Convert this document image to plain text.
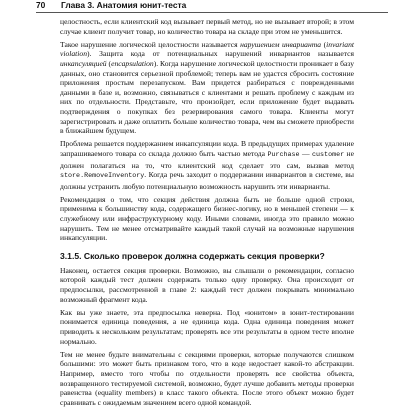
70 Глава 3. Анатомия юнит-теста

целостность, если клиентский код вызывает первый метод, но не вызывает второй; в этом случае клиент получит товар, но количество товара на складе при этом не уменьшится.

Такое нарушение логической целостности называется нарушением инварианта (invariant violation). Защита кода от потенциальных нарушений инвариантов называется инкапсуляцией (encapsulation). Когда нарушение логической целостности проникает в базу данных, оно становится серьезной проблемой; теперь вам не удастся сбросить состояние приложения простым перезапуском. Вам придется разбираться с поврежденными данными в базе и, возможно, связываться с клиентами и решать проблему с каждым из них по отдельности. Представьте, что произойдет, если приложение будет выдавать подтверждения о покупках без резервирования самого товара. Клиенты могут зарегистрировать и даже оплатить больше количество товара, чем вы сможете приобрести в ближайшем будущем.

Проблема решается поддержанием инкапсуляции кода. В предыдущих примерах удаление запрашиваемого товара со склада должно быть частью метода Purchase — customer не должен полагаться на то, что клиентский код сделает это сам, вызвав метод store.RemoveInventory. Когда речь заходит о поддержании инвариантов в системе, вы должны устранить любую потенциальную возможность нарушить эти инварианты.

Рекомендация о том, что секция действия должна быть не больше одной строки, применима к большинству кода, содержащего бизнес-логику, но в меньшей степени — к служебному или инфраструктурному коду. Иными словами, иногда это правило можно нарушить. Тем не менее отсматривайте каждый такой случай на возможные нарушения инкапсуляции.

3.1.5. Сколько проверок должна содержать секция проверки?

Наконец, остается секция проверки. Возможно, вы слышали о рекомендации, согласно которой каждый тест должен содержать только одну проверку. Она происходит от предпосылки, рассмотренной в главе 2: каждый тест должен покрывать минимально возможный фрагмент кода.

Как вы уже знаете, эта предпосылка неверна. Под «юнитом» в юнит-тестировании понимается единица поведения, а не единица кода. Одна единица поведения может приводить к нескольким результатам; проверять все эти результаты в одном тесте вполне нормально.

Тем не менее будьте внимательны с секциями проверки, которые получаются слишком большими: это может быть признаком того, что в коде недостает какой-то абстракции. Например, вместо того чтобы по отдельности проверять все свойства объекта, возвращенного тестируемой системой, возможно, будет лучше добавить методы проверки равенства (equality members) в класс такого объекта. После этого объект можно будет сравнивать с ожидаемым значением всего одной командой.
